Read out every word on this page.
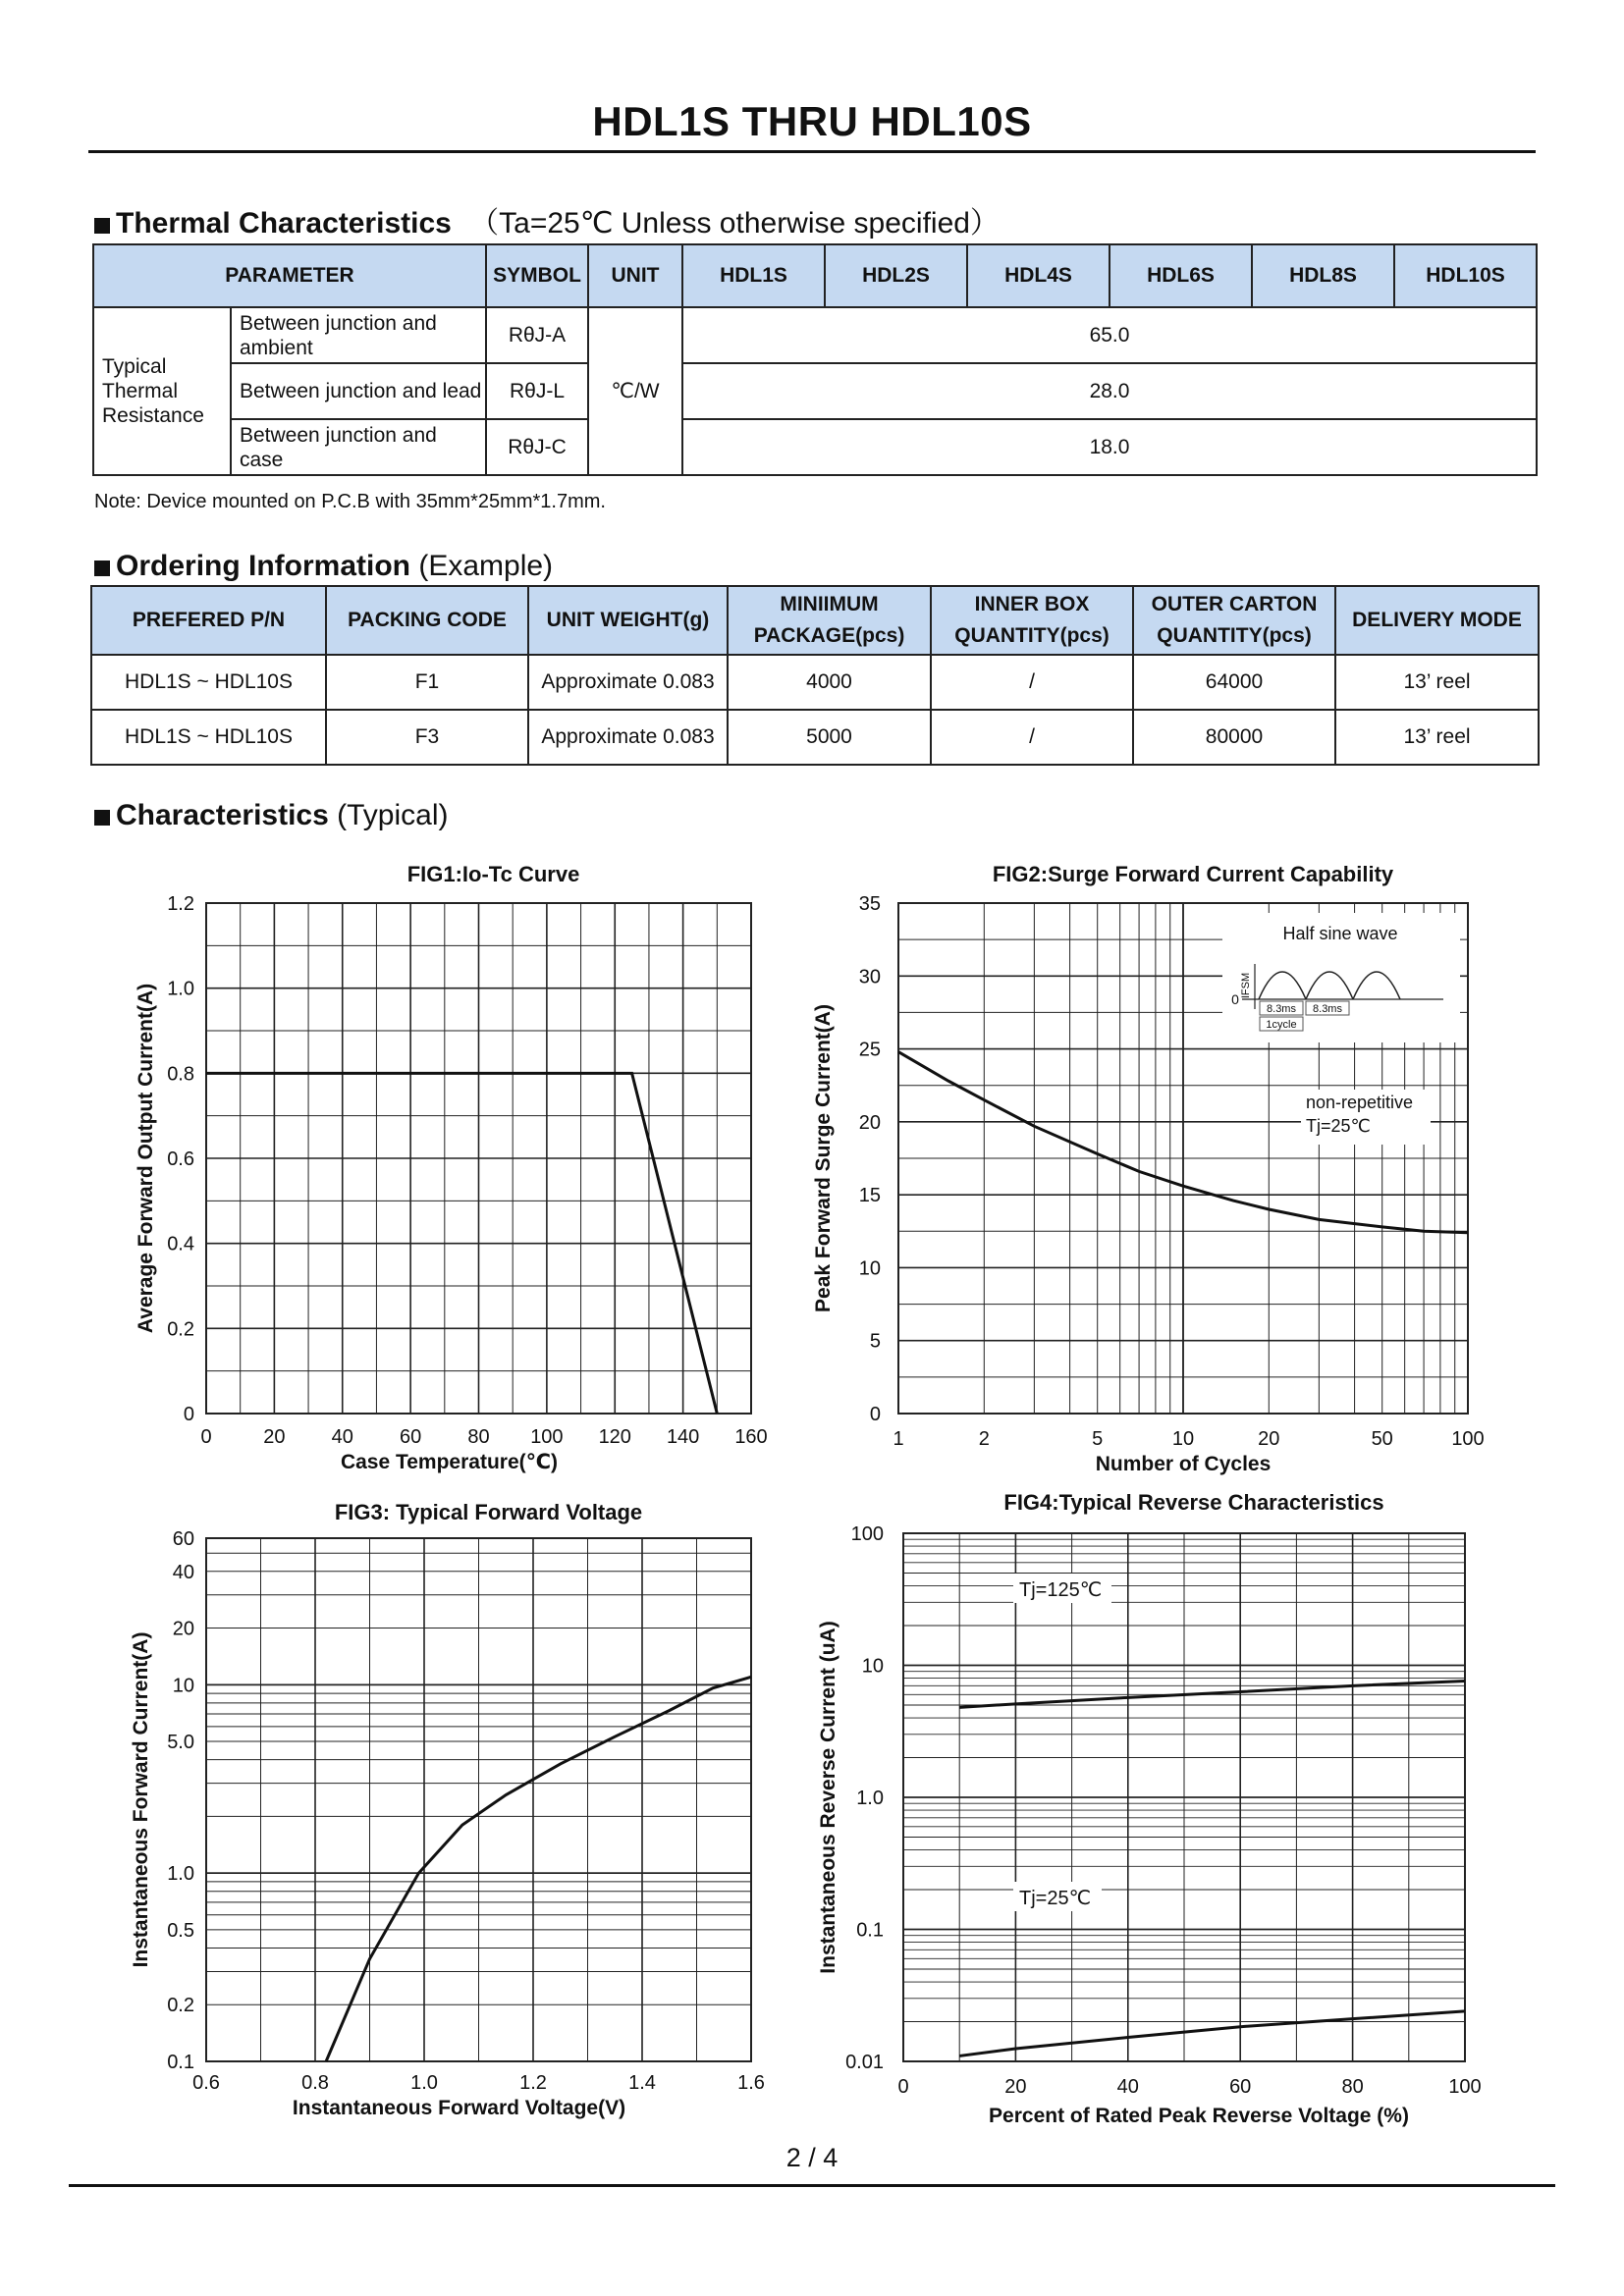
HDL1S THRU HDL10S
Thermal Characteristics （Ta=25℃ Unless otherwise specified）
PARAMETER		SYMBOL	UNIT	HDL1S	HDL2S	HDL4S	HDL6S	HDL8S	HDL10S
Typical Thermal Resistance	Between junction and ambient	RθJ-A	℃/W	65.0					
	Between junction and lead	RθJ-L		28.0					
	Between junction and case	RθJ-C		18.0					
Note: Device mounted on P.C.B with 35mm*25mm*1.7mm.
Ordering Information (Example)
PREFERED P/N	PACKING CODE	UNIT WEIGHT(g)	MINIIMUM PACKAGE(pcs)	INNER BOX QUANTITY(pcs)	OUTER CARTON QUANTITY(pcs)	DELIVERY MODE
HDL1S ~ HDL10S	F1	Approximate 0.083	4000	/	64000	13’ reel
HDL1S ~ HDL10S	F3	Approximate 0.083	5000	/	80000	13’ reel
Characteristics (Typical)
0	20 40 60 80 100 120 140 160
0
0.2
0.4
0.6
0.8
1.0
1.2
FIG1:Io-Tc Curve
Case Temperature(℃)
Average Forward Output Current(A)
1	2	5	10	20	50	100
0
5
10
15
20
25
30
35
FIG2:Surge Forward Current Capability
Number of Cycles
Peak Forward Surge Current(A)
Half sine wave
IFSM
0
8.3ms 8.3ms
1cycle
non-repetitive
Tj=25℃
0.6	0.8	1.0	1.2	1.4	1.6
0.1
0.2
0.5
1.0
5.0
10
20
40
60
FIG3: Typical Forward Voltage
Instantaneous Forward Voltage(V)
Instantaneous Forward Current(A)
0	20	40	60	80	100
0.01
0.1
1.0
10
100
FIG4:Typical Reverse Characteristics
Percent of Rated Peak Reverse Voltage (%)
Instantaneous Reverse Current (uA)
Tj=125℃
Tj=25℃
2 / 4
